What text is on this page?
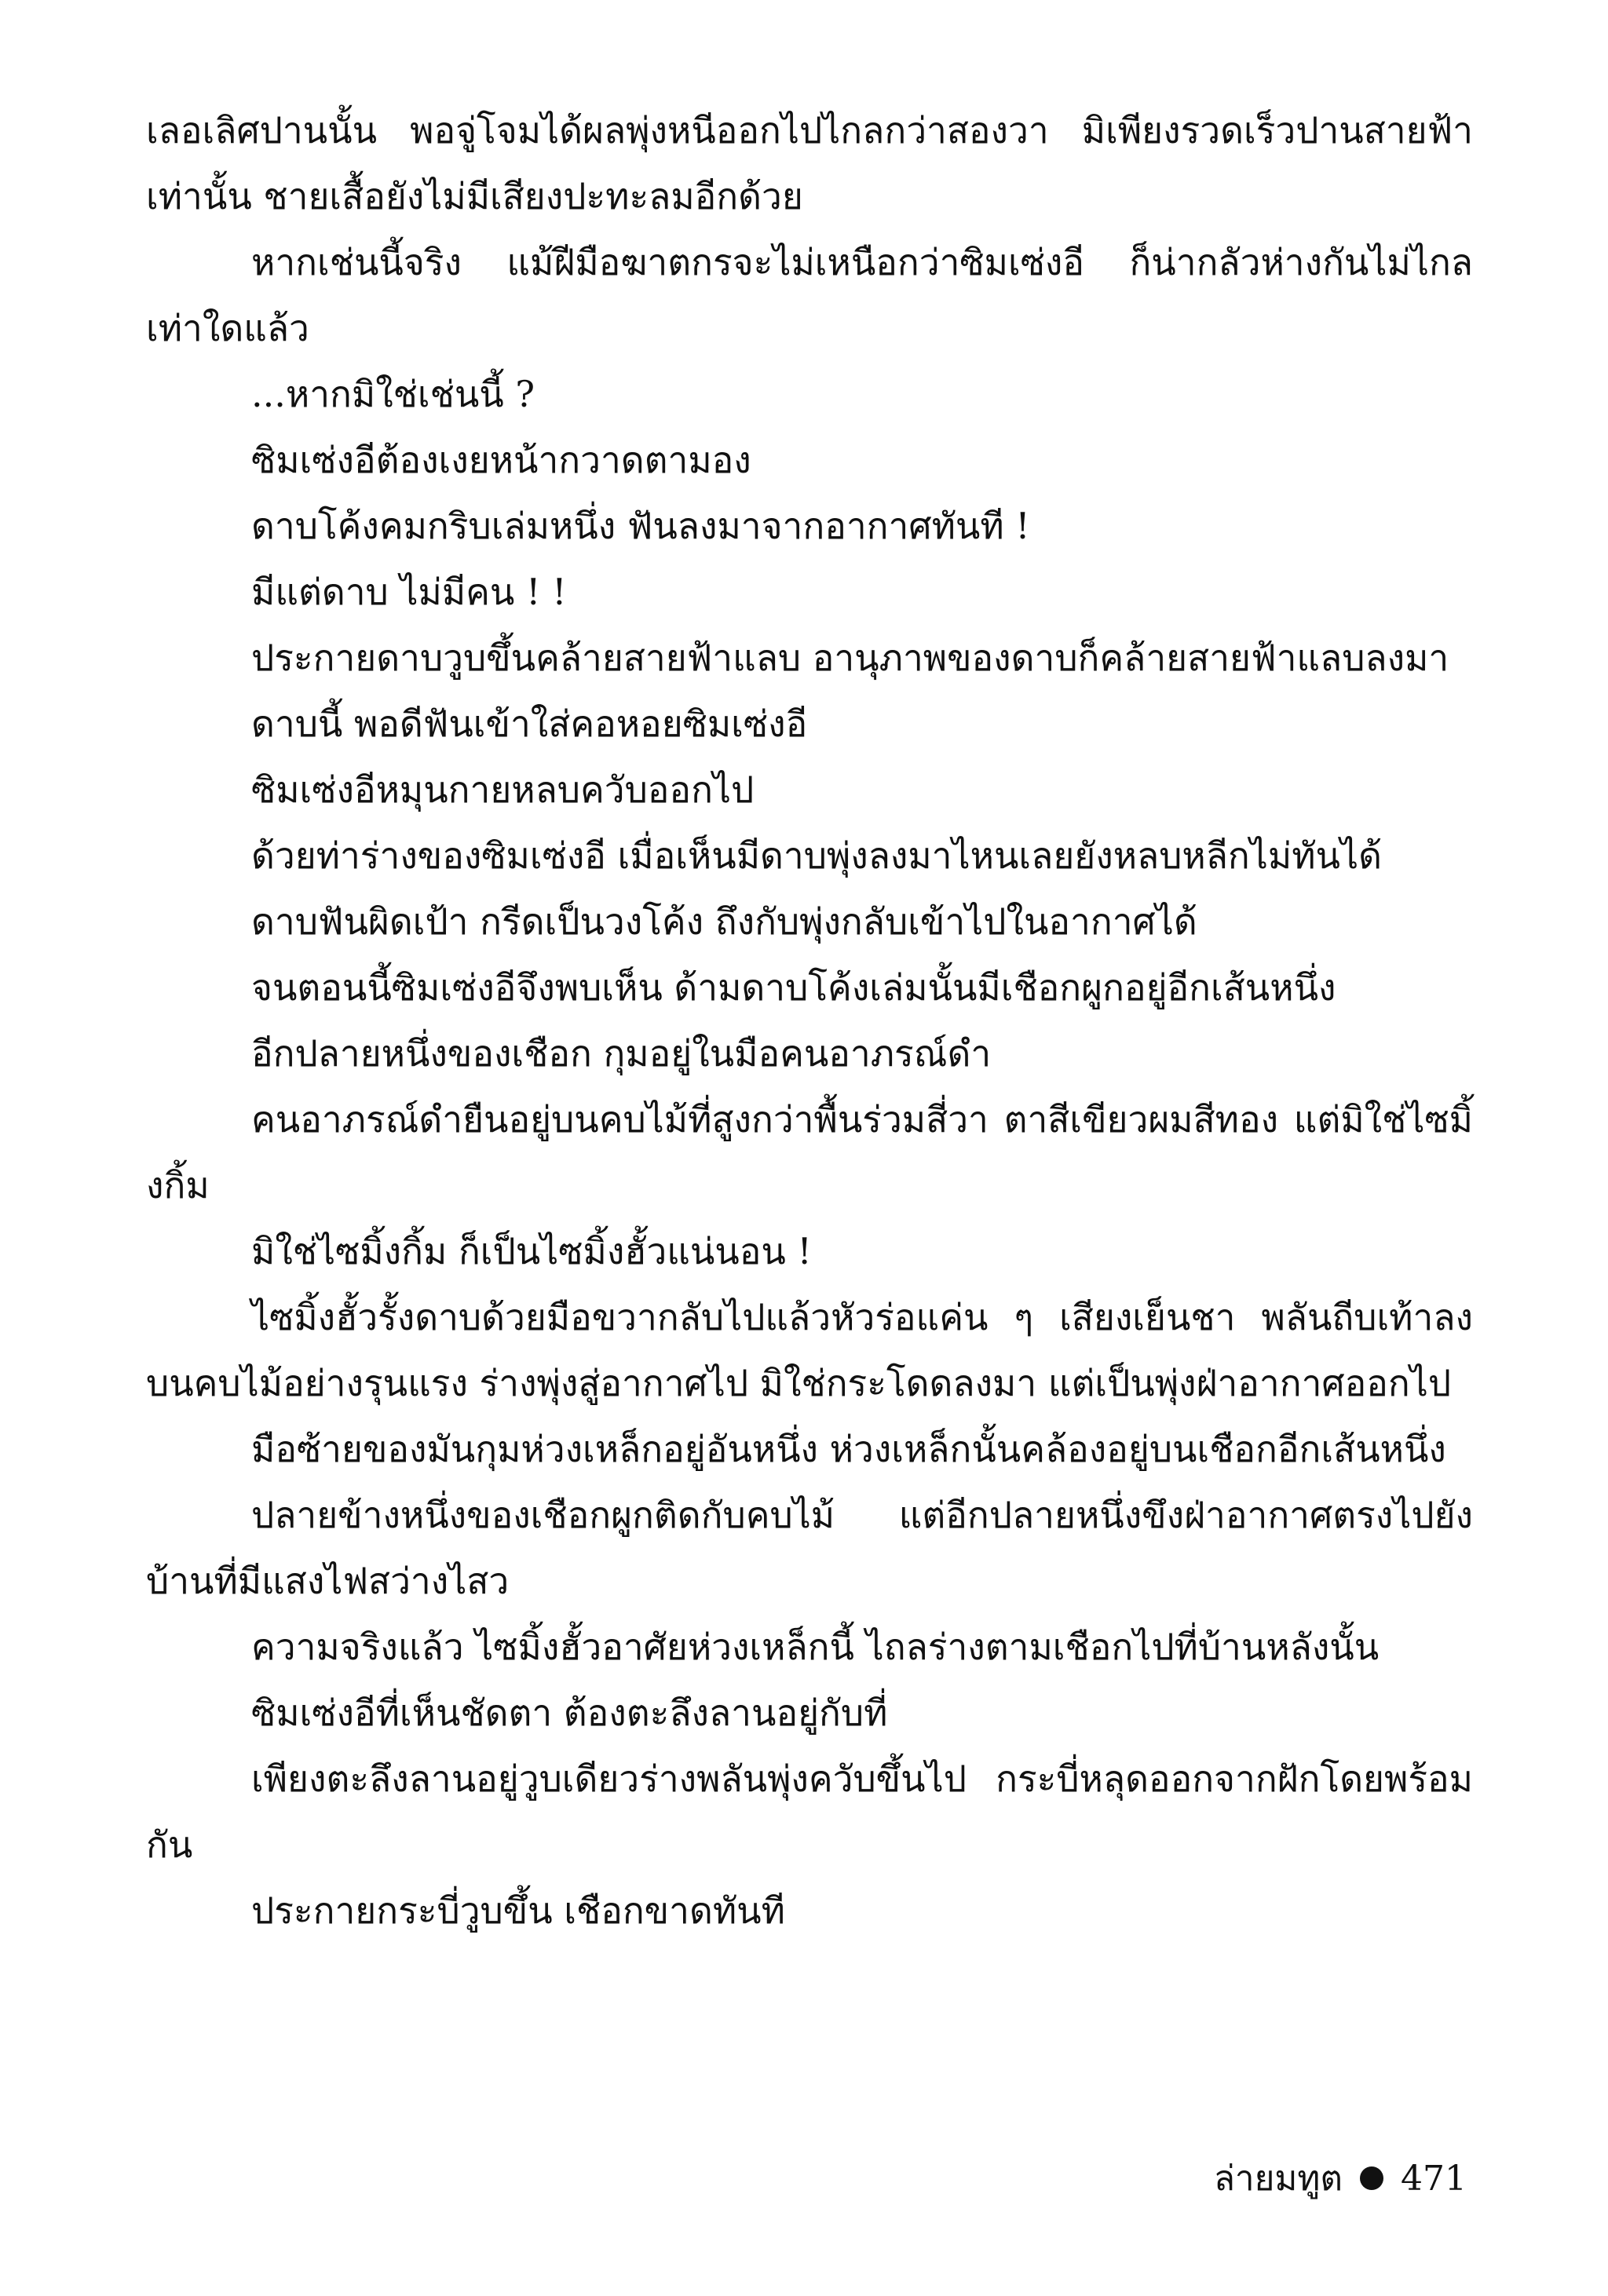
เลอเลิศปานนั้น พอจู่โจมได้ผลพุ่งหนีออกไปไกลกว่าสองวา มิเพียงรวดเร็วปานสายฟ้าเท่านั้น ชายเสื้อยังไม่มีเสียงปะทะลมอีกด้วย

หากเช่นนี้จริง แม้ฝีมือฆาตกรจะไม่เหนือกว่าซิมเซ่งอี ก็น่ากลัวห่างกันไม่ไกลเท่าใดแล้ว

...หากมิใช่เช่นนี้ ?

ซิมเซ่งอีต้องเงยหน้ากวาดตามอง

ดาบโค้งคมกริบเล่มหนึ่ง ฟันลงมาจากอากาศทันที !

มีแต่ดาบ ไม่มีคน ! !

ประกายดาบวูบขึ้นคล้ายสายฟ้าแลบ อานุภาพของดาบก็คล้ายสายฟ้าแลบลงมา

ดาบนี้ พอดีฟันเข้าใส่คอหอยซิมเซ่งอี

ซิมเซ่งอีหมุนกายหลบควับออกไป

ด้วยท่าร่างของซิมเซ่งอี เมื่อเห็นมีดาบพุ่งลงมาไหนเลยยังหลบหลีกไม่ทันได้

ดาบฟันผิดเป้า กรีดเป็นวงโค้ง ถึงกับพุ่งกลับเข้าไปในอากาศได้

จนตอนนี้ซิมเซ่งอีจึงพบเห็น ด้ามดาบโค้งเล่มนั้นมีเชือกผูกอยู่อีกเส้นหนึ่ง

อีกปลายหนึ่งของเชือก กุมอยู่ในมือคนอาภรณ์ดำ

คนอาภรณ์ดำยืนอยู่บนคบไม้ที่สูงกว่าพื้นร่วมสี่วา ตาสีเขียวผมสีทอง แต่มิใช่ไซมิ้งกิ้ม

มิใช่ไซมิ้งกิ้ม ก็เป็นไซมิ้งฮั้วแน่นอน !

ไซมิ้งฮั้วรั้งดาบด้วยมือขวากลับไปแล้วหัวร่อแค่น ๆ เสียงเย็นชา พลันถีบเท้าลงบนคบไม้อย่างรุนแรง ร่างพุ่งสู่อากาศไป มิใช่กระโดดลงมา แต่เป็นพุ่งฝ่าอากาศออกไป

มือซ้ายของมันกุมห่วงเหล็กอยู่อันหนึ่ง ห่วงเหล็กนั้นคล้องอยู่บนเชือกอีกเส้นหนึ่ง

ปลายข้างหนึ่งของเชือกผูกติดกับคบไม้ แต่อีกปลายหนึ่งขึงฝ่าอากาศตรงไปยังบ้านที่มีแสงไฟสว่างไสว

ความจริงแล้ว ไซมิ้งฮั้วอาศัยห่วงเหล็กนี้ ไถลร่างตามเชือกไปที่บ้านหลังนั้น

ซิมเซ่งอีที่เห็นชัดตา ต้องตะลึงลานอยู่กับที่

เพียงตะลึงลานอยู่วูบเดียวร่างพลันพุ่งควับขึ้นไป กระบี่หลุดออกจากฝักโดยพร้อมกัน

ประกายกระบี่วูบขึ้น เชือกขาดทันที

ล่ายมทูต 471
